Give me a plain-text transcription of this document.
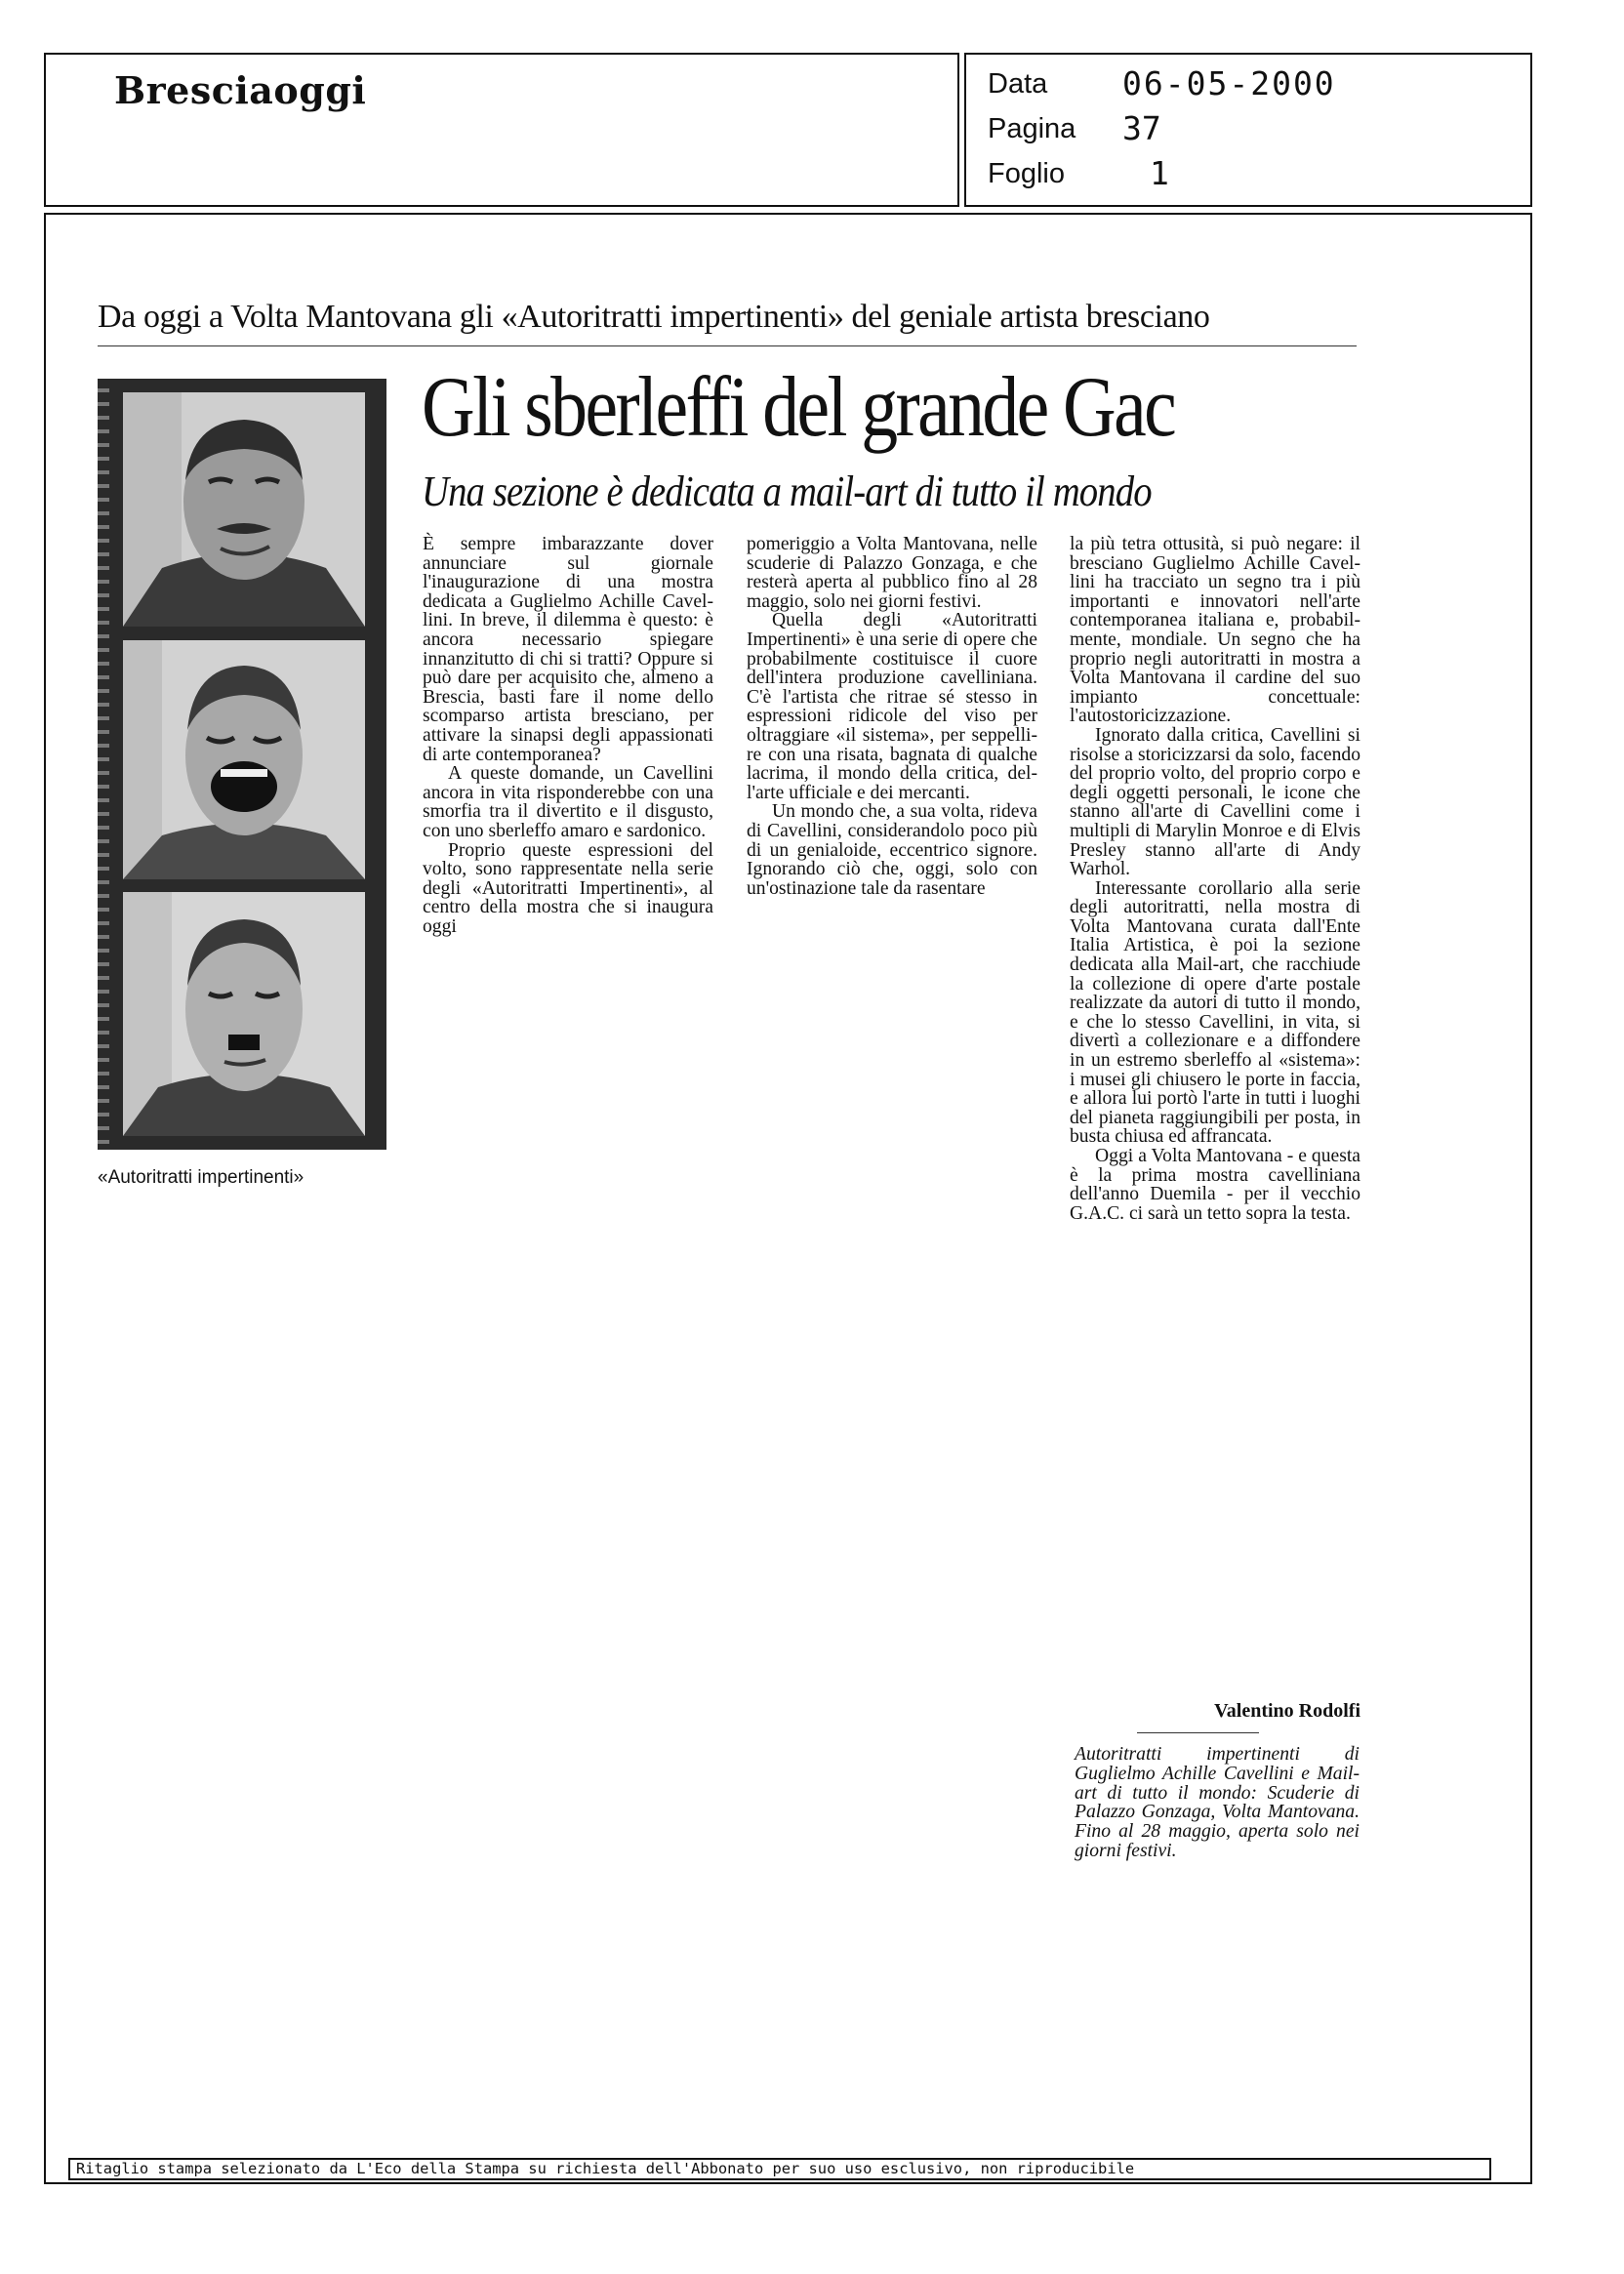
Bresciaoggi	Data 06-05-2000
Pagina 37
Foglio	1
Da oggi a Volta Mantovana gli «Autoritratti impertinenti» del geniale artista bresciano
Gli sberleffi del grande Gac
Una sezione è dedicata a mail-art di tutto il mondo
«Autoritratti impertinenti»

È sempre imbarazzante dover annunciare sul giornale l'inaugurazione di una mostra dedicata a Guglielmo Achille Cavellini. In breve, il dilemma è questo: è ancora necessario spiegare innanzitutto di chi si tratti? Oppure si può dare per acquisito che, almeno a Brescia, basti fare il nome dello scomparso artista bresciano, per attivare la sinapsi degli appassionati di arte contemporanea?

A queste domande, un Cavellini ancora in vita risponderebbe con una smorfia tra il divertito e il disgusto, con uno sberleffo amaro e sardonico.

Proprio queste espressioni del volto, sono rappresentate nella serie degli «Autoritratti Impertinenti», al centro della mostra che si inaugura oggi

pomeriggio a Volta Mantovana, nelle scuderie di Palazzo Gonzaga, e che resterà aperta al pubblico fino al 28 maggio, solo nei giorni festivi.

Quella degli «Autoritratti Impertinenti» è una serie di opere che probabilmente costituisce il cuore dell'intera produzione cavelliniana. C'è l'artista che ritrae sé stesso in espressioni ridicole del viso per oltraggiare «il sistema», per seppellire con una risata, bagnata di qualche lacrima, il mondo della critica, dell'arte ufficiale e dei mercanti.

Un mondo che, a sua volta, rideva di Cavellini, considerandolo poco più di un genialoide, eccentrico signore. Ignorando ciò che, oggi, solo con un'ostinazione tale da rasentare

la più tetra ottusità, si può negare: il bresciano Guglielmo Achille Cavellini ha tracciato un segno tra i più importanti e innovatori nell'arte contemporanea italiana e, probabilmente, mondiale. Un segno che ha proprio negli autoritratti in mostra a Volta Mantovana il cardine del suo impianto concettuale: l'autostoricizzazione.

Ignorato dalla critica, Cavellini si risolse a storicizzarsi da solo, facendo del proprio volto, del proprio corpo e degli oggetti personali, le icone che stanno all'arte di Cavellini come i multipli di Marylin Monroe e di Elvis Presley stanno all'arte di Andy Warhol.

Interessante corollario alla serie degli autoritratti, nella mostra di Volta Mantovana curata dall'Ente Italia Artistica, è poi la sezione dedicata alla Mail-art, che racchiude la collezione di opere d'arte postale realizzate da autori di tutto il mondo, e che lo stesso Cavellini, in vita, si divertì a collezionare e a diffondere in un estremo sberleffo al «sistema»: i musei gli chiusero le porte in faccia, e allora lui portò l'arte in tutti i luoghi del pianeta raggiungibili per posta, in busta chiusa ed affrancata.

Oggi a Volta Mantovana - e questa è la prima mostra cavelliniana dell'anno Duemila - per il vecchio G.A.C. ci sarà un tetto sopra la testa.

Valentino Rodolfi
Autoritratti impertinenti di Guglielmo Achille Cavellini e Mail-art di tutto il mondo: Scuderie di Palazzo Gonzaga, Volta Mantovana. Fino al 28 maggio, aperta solo nei giorni festivi.
Ritaglio stampa selezionato da L'Eco della Stampa su richiesta dell'Abbonato per suo uso esclusivo, non riproducibile
